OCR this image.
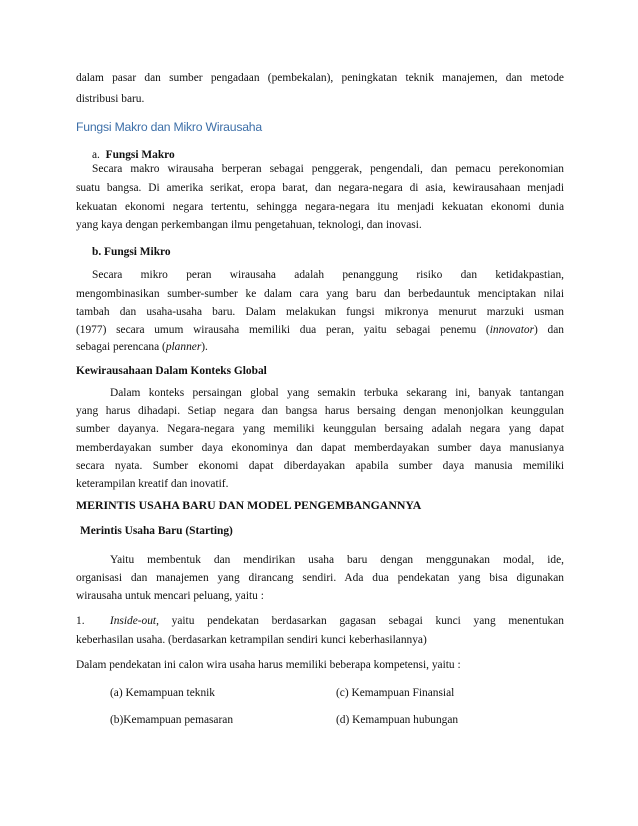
dalam pasar dan sumber pengadaan (pembekalan), peningkatan teknik manajemen, dan metode
distribusi baru.
Fungsi Makro dan Mikro Wirausaha
a. Fungsi Makro
Secara makro wirausaha berperan sebagai penggerak, pengendali, dan pemacu perekonomian
suatu bangsa. Di amerika serikat, eropa barat, dan negara-negara di asia, kewirausahaan menjadi
kekuatan ekonomi negara tertentu, sehingga negara-negara itu menjadi kekuatan ekonomi dunia
yang kaya dengan perkembangan ilmu pengetahuan, teknologi, dan inovasi.
b. Fungsi Mikro
Secara mikro peran wirausaha adalah penanggung risiko dan ketidakpastian,
mengombinasikan sumber-sumber ke dalam cara yang baru dan berbedauntuk menciptakan nilai
tambah dan usaha-usaha baru. Dalam melakukan fungsi mikronya menurut marzuki usman
(1977) secara umum wirausaha memiliki dua peran, yaitu sebagai penemu (innovator) dan
sebagai perencana (planner).
Kewirausahaan Dalam Konteks Global
Dalam konteks persaingan global yang semakin terbuka sekarang ini, banyak tantangan
yang harus dihadapi. Setiap negara dan bangsa harus bersaing dengan menonjolkan keunggulan
sumber dayanya. Negara-negara yang memiliki keunggulan bersaing adalah negara yang dapat
memberdayakan sumber daya ekonominya dan dapat memberdayakan sumber daya manusianya
secara nyata. Sumber ekonomi dapat diberdayakan apabila sumber daya manusia memiliki
keterampilan kreatif dan inovatif.
MERINTIS USAHA BARU DAN MODEL PENGEMBANGANNYA
Merintis Usaha Baru (Starting)
Yaitu membentuk dan mendirikan usaha baru dengan menggunakan modal, ide,
organisasi dan manajemen yang dirancang sendiri. Ada dua pendekatan yang bisa digunakan
wirausaha untuk mencari peluang, yaitu :
1. Inside-out, yaitu pendekatan berdasarkan gagasan sebagai kunci yang menentukan
keberhasilan usaha. (berdasarkan ketrampilan sendiri kunci keberhasilannya)
Dalam pendekatan ini calon wira usaha harus memiliki beberapa kompetensi, yaitu :
(a) Kemampuan teknik	(c) Kemampuan Finansial
(b)Kemampuan pemasaran	(d) Kemampuan hubungan
